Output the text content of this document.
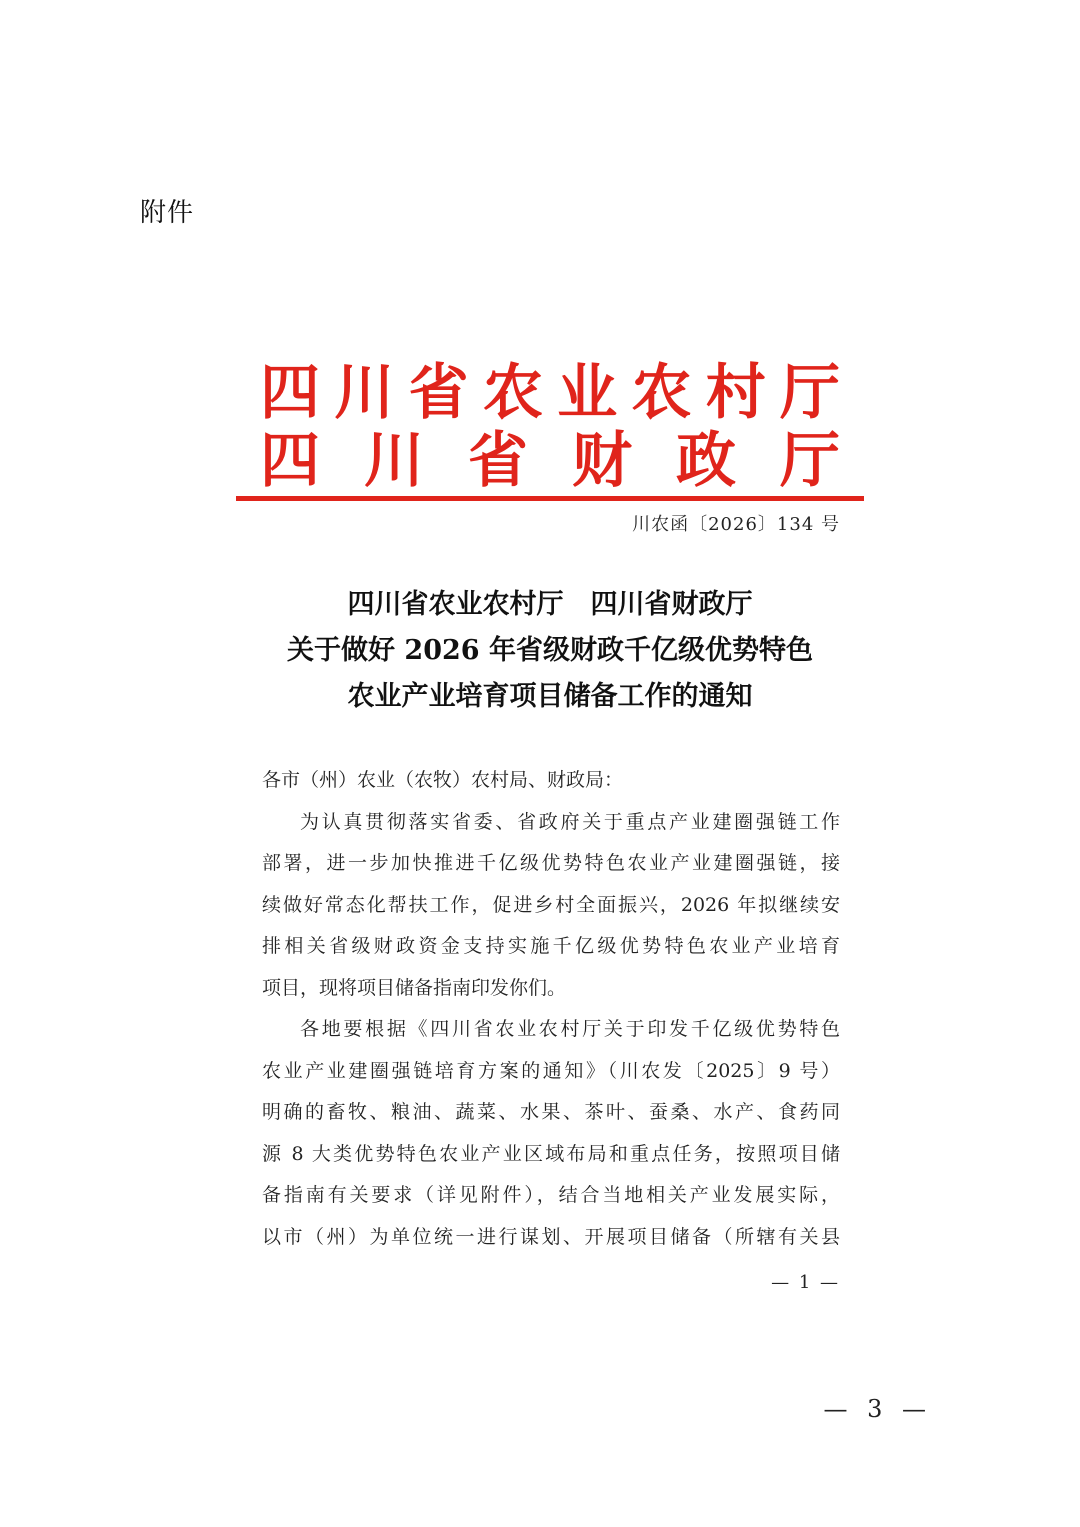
附件
四 川 省 农 业 农 村 厅
四 川 省 财 政 厅
川农函〔2026〕134 号
四川省农业农村厅　四川省财政厅
关于做好 2026 年省级财政千亿级优势特色
农业产业培育项目储备工作的通知

各市（州）农业（农牧）农村局、财政局：

为认真贯彻落实省委、省政府关于重点产业建圈强链工作

部署，进一步加快推进千亿级优势特色农业产业建圈强链，接

续做好常态化帮扶工作，促进乡村全面振兴，2026 年拟继续安

排相关省级财政资金支持实施千亿级优势特色农业产业培育

项目，现将项目储备指南印发你们。

各地要根据《四川省农业农村厅关于印发千亿级优势特色

农业产业建圈强链培育方案的通知》（川农发〔2025〕9 号）

明确的畜牧、粮油、蔬菜、水果、茶叶、蚕桑、水产、食药同

源 8 大类优势特色农业产业区域布局和重点任务，按照项目储

备指南有关要求（详见附件），结合当地相关产业发展实际，

以市（州）为单位统一进行谋划、开展项目储备（所辖有关县

— 1 —
— 3 —
